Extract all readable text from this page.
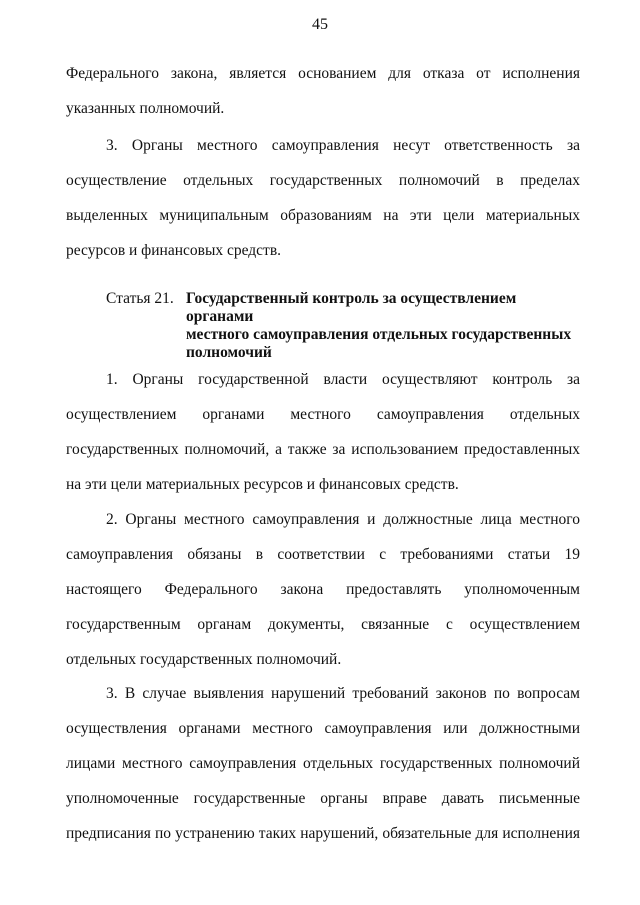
45
Федерального закона, является основанием для отказа от исполнения
указанных полномочий.
3. Органы местного самоуправления несут ответственность за
осуществление отдельных государственных полномочий в пределах
выделенных муниципальным образованиям на эти цели материальных
ресурсов и финансовых средств.
Статья 21. Государственный контроль за осуществлением органами
местного самоуправления отдельных государственных
полномочий
1. Органы государственной власти осуществляют контроль за
осуществлением органами местного самоуправления отдельных
государственных полномочий, а также за использованием предоставленных
на эти цели материальных ресурсов и финансовых средств.
2. Органы местного самоуправления и должностные лица местного
самоуправления обязаны в соответствии с требованиями статьи 19
настоящего Федерального закона предоставлять уполномоченным
государственным органам документы, связанные с осуществлением
отдельных государственных полномочий.
3. В случае выявления нарушений требований законов по вопросам
осуществления органами местного самоуправления или должностными
лицами местного самоуправления отдельных государственных полномочий
уполномоченные государственные органы вправе давать письменные
предписания по устранению таких нарушений, обязательные для исполнения
